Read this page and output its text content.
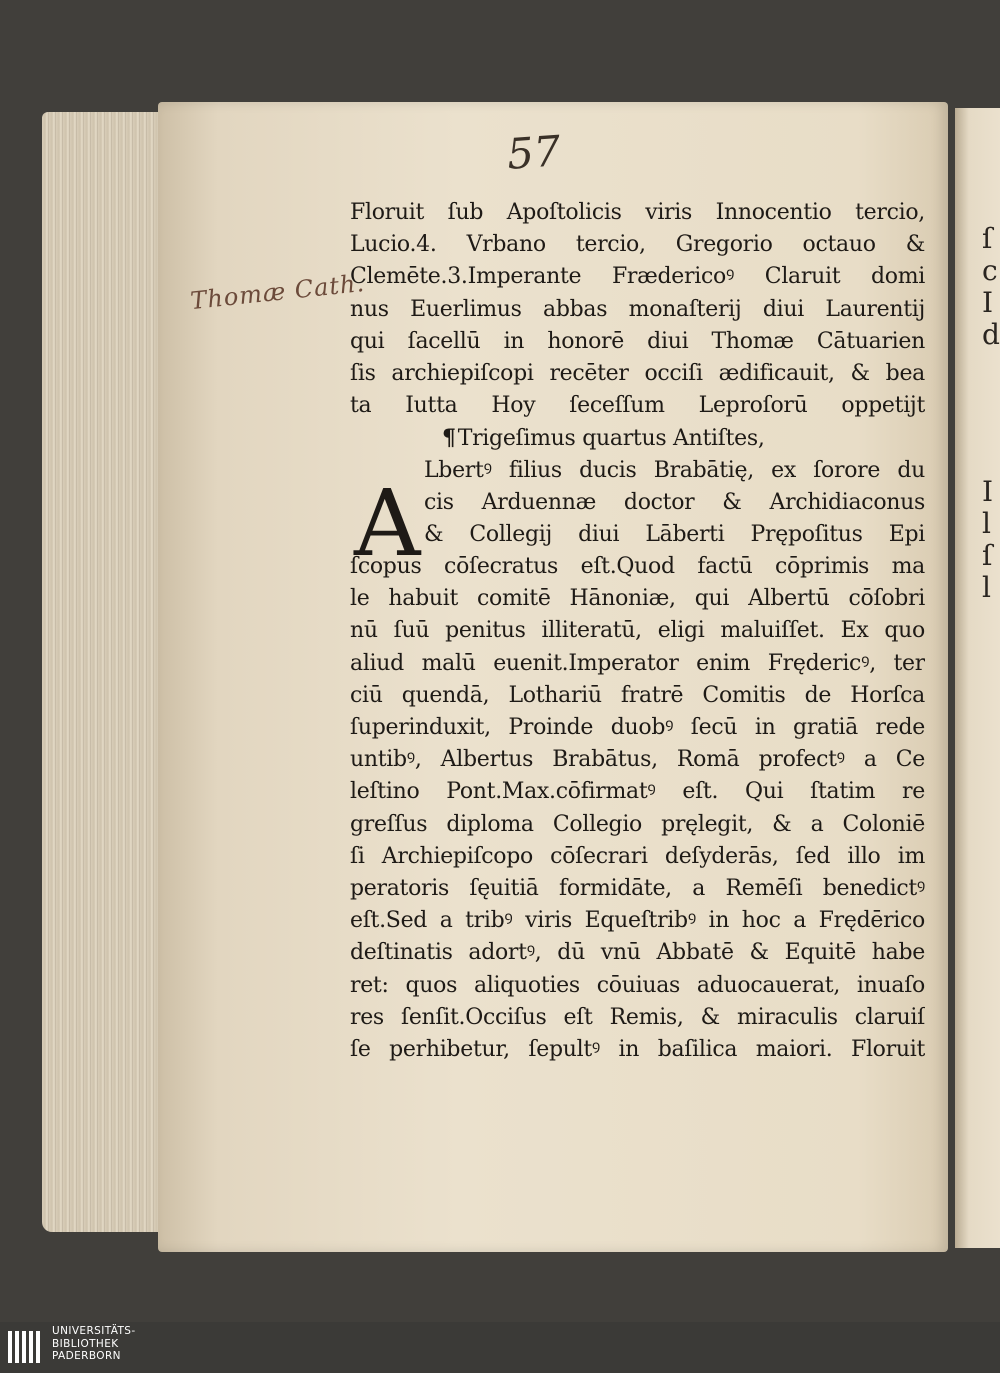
ſ
c
I
d
I
l
ſ
l
57
Thomæ Cath.
A
Floruit ſub Apoſtolicis viris Innocentio tercio,
Lucio.4. Vrbano tercio, Gregorio octauo &
Clemēte.3.Imperante Frædericoꝰ Claruit domi
nus Euerlimus abbas monaſterij diui Laurentij
qui ſacellū in honorē diui Thomæ Cātuarien
ſis archiepiſcopi recēter occiſi ædificauit, & bea
ta Iutta Hoy ſeceſſum Leproſorū oppetijt
¶Trigeſimus quartus Antiſtes,
Lbertꝰ filius ducis Brabātię, ex ſorore du
cis Arduennæ doctor & Archidiaconus
& Collegij diui Lāberti Prępoſitus Epi
ſcopus cōſecratus eſt.Quod factū cōprimis ma
le habuit comitē Hānoniæ, qui Albertū cōſobri
nū ſuū penitus illiteratū, eligi maluiſſet. Ex quo
aliud malū euenit.Imperator enim Frędericꝰ, ter
ciū quendā, Lothariū fratrē Comitis de Horſca
ſuperinduxit, Proinde duobꝰ ſecū in gratiā rede
untibꝰ, Albertus Brabātus, Romā profectꝰ a Ce
leſtino Pont.Max.cōfirmatꝰ eſt. Qui ſtatim re
greſſus diploma Collegio pręlegit, & a Coloniē
ſi Archiepiſcopo cōſecrari deſyderās, ſed illo im
peratoris ſęuitiā formidāte, a Remēſi benedictꝰ
eſt.Sed a tribꝰ viris Equeſtribꝰ in hoc a Frędērico
deſtinatis adortꝰ, dū vnū Abbatē & Equitē habe
ret: quos aliquoties cōuiuas aduocauerat, inuaſo
res ſenſit.Occiſus eſt Remis, & miraculis claruiſ
ſe perhibetur, ſepultꝰ in baſilica maiori. Floruit
UNIVERSITÄTS-
BIBLIOTHEK
PADERBORN
